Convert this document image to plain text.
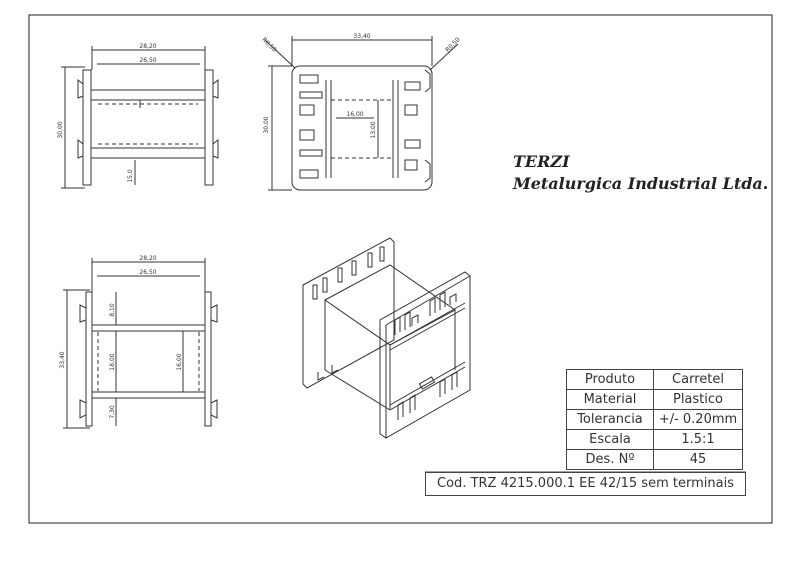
28,20
26,50
30,00
15,0
33,40
30,00
16,00
13,00
R0,50	R0,50
28,20
26,50
33,40
8,10
18,00	16,00
7,30
TERZI
Metalurgica Industrial Ltda.
Produto	Carretel
Material	Plastico
Tolerancia	+/- 0.20mm
Escala	1.5:1
Des. Nº	45
Cod. TRZ 4215.000.1 EE 42/15 sem terminais
